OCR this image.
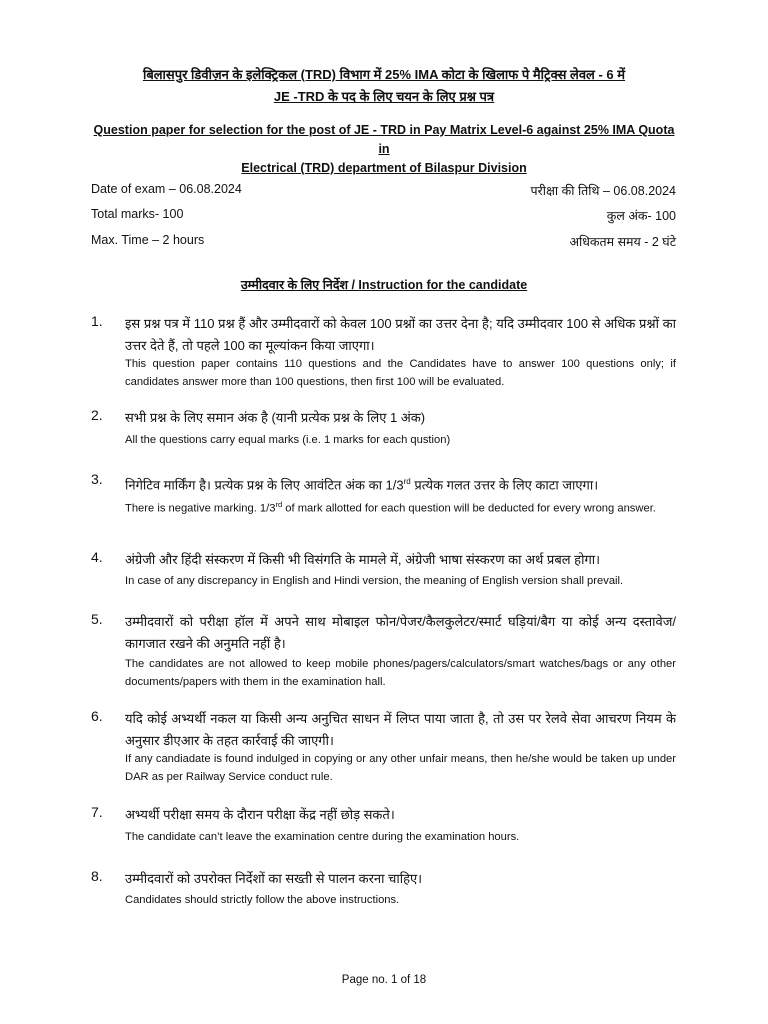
बिलासपुर डिवीज़न के इलेक्ट्रिकल (TRD) विभाग में 25% IMA कोटा के खिलाफ पे मैट्रिक्स लेवल - 6 में
JE -TRD के पद के लिए चयन के लिए प्रश्न पत्र
Question paper for selection for the post of JE - TRD in Pay Matrix Level-6 against 25% IMA Quota in
Electrical (TRD) department of Bilaspur Division
Date of exam – 06.08.2024	परीक्षा की तिथि – 06.08.2024
Total marks- 100	कुल अंक- 100
Max. Time – 2 hours	अधिकतम समय - 2 घंटे
उम्मीदवार के लिए निर्देश / Instruction for the candidate
1. इस प्रश्न पत्र में 110 प्रश्न हैं और उम्मीदवारों को केवल 100 प्रश्नों का उत्तर देना है; यदि उम्मीदवार 100 से अधिक प्रश्नों का उत्तर देते हैं, तो पहले 100 का मूल्यांकन किया जाएगा।
This question paper contains 110 questions and the Candidates have to answer 100 questions only; if candidates answer more than 100 questions, then first 100 will be evaluated.
2. सभी प्रश्न के लिए समान अंक है (यानी प्रत्येक प्रश्न के लिए 1 अंक)
All the questions carry equal marks (i.e. 1 marks for each qustion)
3. निगेटिव मार्किंग है। प्रत्येक प्रश्न के लिए आवंटित अंक का 1/3rd प्रत्येक गलत उत्तर के लिए काटा जाएगा।
There is negative marking. 1/3rd of mark allotted for each question will be deducted for every wrong answer.
4. अंग्रेजी और हिंदी संस्करण में किसी भी विसंगति के मामले में, अंग्रेजी भाषा संस्करण का अर्थ प्रबल होगा।
In case of any discrepancy in English and Hindi version, the meaning of English version shall prevail.
5. उम्मीदवारों को परीक्षा हॉल में अपने साथ मोबाइल फोन/पेजर/कैलकुलेटर/स्मार्ट घड़ियां/बैग या कोई अन्य दस्तावेज/कागजात रखने की अनुमति नहीं है।
The candidates are not allowed to keep mobile phones/pagers/calculators/smart watches/bags or any other documents/papers with them in the examination hall.
6. यदि कोई अभ्यर्थी नकल या किसी अन्य अनुचित साधन में लिप्त पाया जाता है, तो उस पर रेलवे सेवा आचरण नियम के अनुसार डीएआर के तहत कार्रवाई की जाएगी।
If any candiadate is found indulged in copying or any other unfair means, then he/she would be taken up under DAR as per Railway Service conduct rule.
7. अभ्यर्थी परीक्षा समय के दौरान परीक्षा केंद्र नहीं छोड़ सकते।
The candidate can’t leave the examination centre during the examination hours.
8. उम्मीदवारों को उपरोक्त निर्देशों का सख्ती से पालन करना चाहिए।
Candidates should strictly follow the above instructions.
Page no. 1 of 18
